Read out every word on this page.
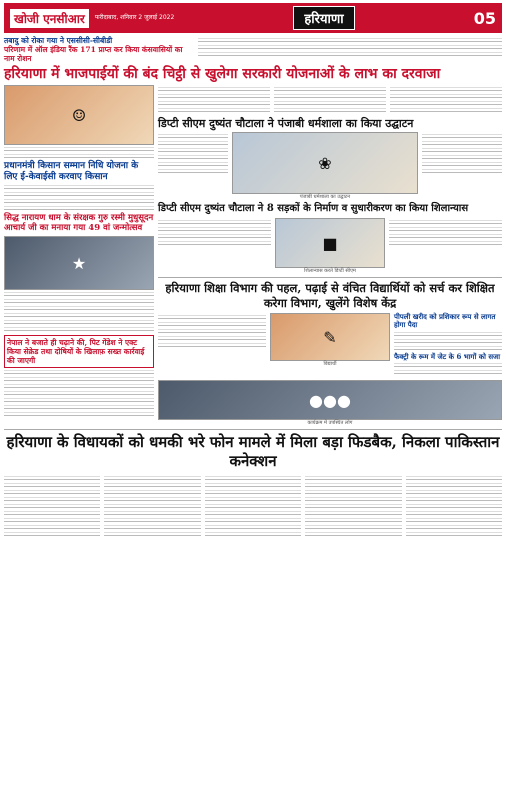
खोजी एनसीआर	फरीदाबाद, शनिवार 2 जुलाई 2022	हरियाणा	05
तबादु को रोका गया ने एससीसी-सीबीडी
परिणाम में ऑल इंडिया रैंक 171 प्राप्त कर किया कंसवासियों का नाम रोशन
हरियाणा में भाजपाईयों की बंद चिट्ठी से खुलेगा सरकारी योजनाओं के लाभ का दरवाजा
☺
प्रधानमंत्री किसान सम्मान निधि योजना के लिए ई-केवाईसी करवाए किसान
सिद्ध नारायण धाम के संरक्षक गुरु रस्मी मुधुसूदन आचार्य जी का मनाया गया 49 वां जन्मोत्सव
★
नेपाल ने बजाते ही चढ़ाने की, पिट गेंडेश ने एक्ट किया सेक्रेड तथा दोषियों के खिलाफ़ सख्त कार्रवाई की जाएगी
डिप्टी सीएम दुष्यंत चौटाला ने पंजाबी धर्मशाला का किया उद्घाटन
❀
पंजाबी धर्मशाला का उद्घाटन
डिप्टी सीएम दुष्यंत चौटाला ने 8 सड़कों के निर्माण व सुधारीकरण का किया शिलान्यास
■
शिलान्यास करते डिप्टी सीएम
हरियाणा शिक्षा विभाग की पहल, पढ़ाई से वंचित विद्यार्थियों को सर्च कर शिक्षित करेगा विभाग, खुलेंगे विशेष केंद्र
✎
विद्यार्थी
पीपली खरीद को प्रशिकार रूप से लागत होगा पैदा
फैक्ट्री के रूम में जेट के 6 भागों को सजा
●●●
कार्यक्रम में उपस्थित लोग
हरियाणा के विधायकों को धमकी भरे फोन मामले में मिला बड़ा फिडबैक, निकला पाकिस्तान कनेक्शन
